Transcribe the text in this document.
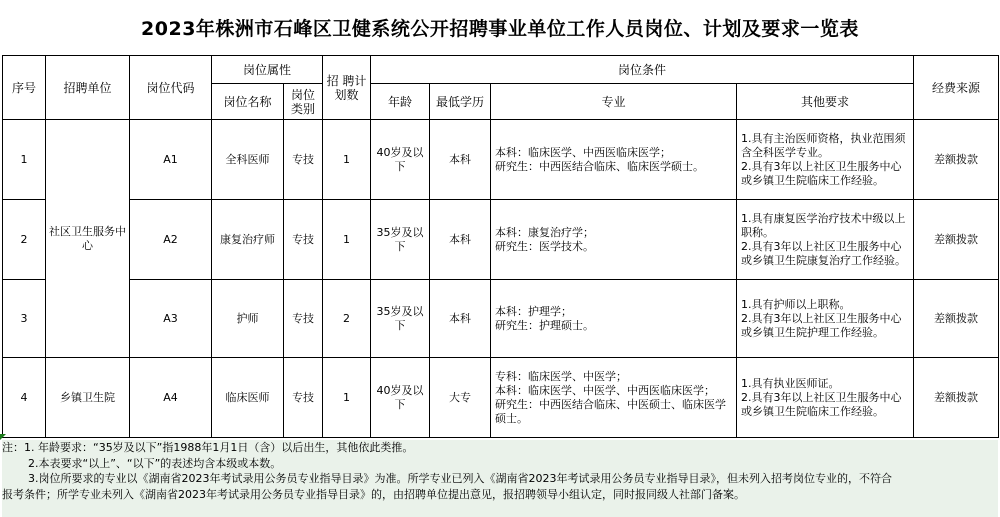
2023年株洲市石峰区卫健系统公开招聘事业单位工作人员岗位、计划及要求一览表
序号	招聘单位	岗位代码	岗位属性		招 聘计划数	岗位条件				经费来源
			岗位名称	岗位类别		年龄	最低学历	专业	其他要求	
1	社区卫生服务中心	A1	全科医师	专技	1	40岁及以下	本科	本科：临床医学、中西医临床医学；
研究生：中西医结合临床、临床医学硕士。	1.具有主治医师资格，执业范围须含全科医学专业。
2.具有3年以上社区卫生服务中心或乡镇卫生院临床工作经验。	差额拨款
2		A2	康复治疗师	专技	1	35岁及以下	本科	本科：康复治疗学；
研究生：医学技术。	1.具有康复医学治疗技术中级以上职称。
2.具有3年以上社区卫生服务中心或乡镇卫生院康复治疗工作经验。	差额拨款
3		A3	护师	专技	2	35岁及以下	本科	本科：护理学；
研究生：护理硕士。	1.具有护师以上职称。
2.具有3年以上社区卫生服务中心或乡镇卫生院护理工作经验。	差额拨款
4	乡镇卫生院	A4	临床医师	专技	1	40岁及以下	大专	专科：临床医学、中医学；
本科：临床医学、中医学、中西医临床医学；
研究生：中西医结合临床、中医硕士、临床医学硕士。	1.具有执业医师证。
2.具有3年以上社区卫生服务中心或乡镇卫生院临床工作经验。	差额拨款
注：1. 年龄要求：“35岁及以下”指1988年1月1日（含）以后出生，其他依此类推。
2.本表要求“以上”、“以下”的表述均含本级或本数。
3.岗位所要求的专业以《湖南省2023年考试录用公务员专业指导目录》为准。所学专业已列入《湖南省2023年考试录用公务员专业指导目录》，但未列入招考岗位专业的，不符合
报考条件；所学专业未列入《湖南省2023年考试录用公务员专业指导目录》的，由招聘单位提出意见，报招聘领导小组认定，同时报同级人社部门备案。
